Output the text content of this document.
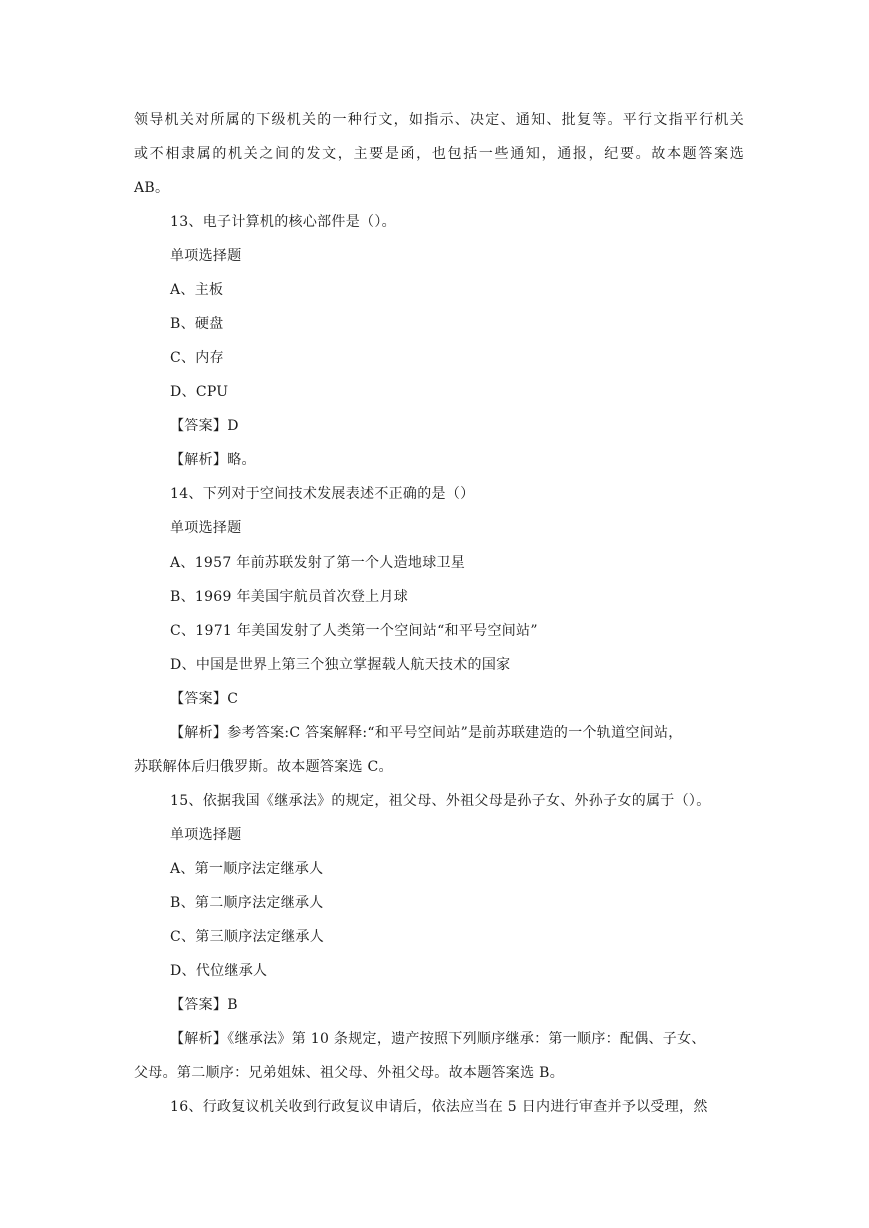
领导机关对所属的下级机关的一种行文，如指示、决定、通知、批复等。平行文指平行机关
或不相隶属的机关之间的发文，主要是函，也包括一些通知，通报，纪要。故本题答案选
AB。
13、电子计算机的核心部件是（）。
单项选择题
A、主板
B、硬盘
C、内存
D、CPU
【答案】D
【解析】略。
14、下列对于空间技术发展表述不正确的是（）
单项选择题
A、1957 年前苏联发射了第一个人造地球卫星
B、1969 年美国宇航员首次登上月球
C、1971 年美国发射了人类第一个空间站“和平号空间站”
D、中国是世界上第三个独立掌握载人航天技术的国家
【答案】C
【解析】参考答案:C 答案解释:“和平号空间站”是前苏联建造的一个轨道空间站，
苏联解体后归俄罗斯。故本题答案选 C。
15、依据我国《继承法》的规定，祖父母、外祖父母是孙子女、外孙子女的属于（）。
单项选择题
A、第一顺序法定继承人
B、第二顺序法定继承人
C、第三顺序法定继承人
D、代位继承人
【答案】B
【解析】《继承法》第 10 条规定，遗产按照下列顺序继承：第一顺序：配偶、子女、
父母。第二顺序：兄弟姐妹、祖父母、外祖父母。故本题答案选 B。
16、行政复议机关收到行政复议申请后，依法应当在 5 日内进行审查并予以受理，然
